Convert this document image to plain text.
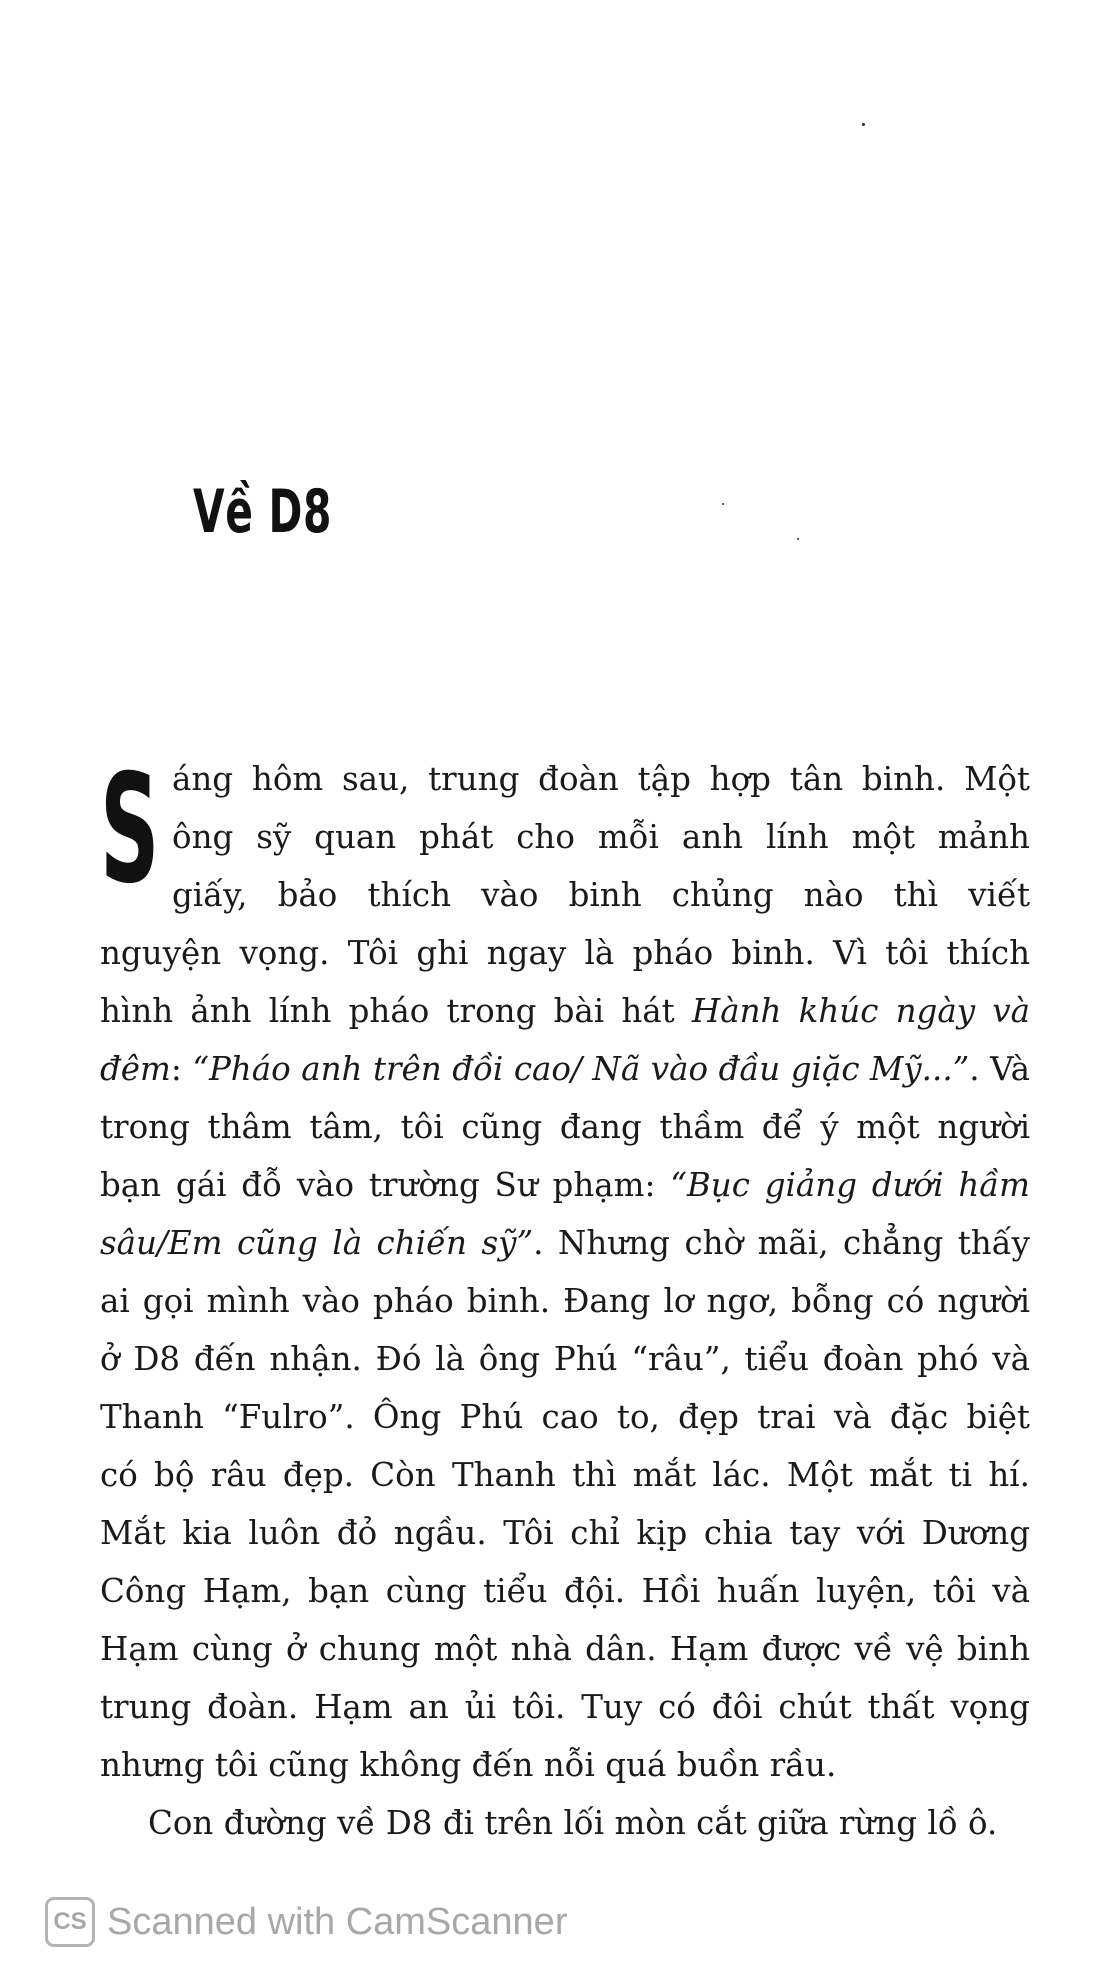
Về D8
S áng hôm sau, trung đoàn tập hợp tân binh. Một
ông sỹ quan phát cho mỗi anh lính một mảnh
giấy, bảo thích vào binh chủng nào thì viết
nguyện vọng. Tôi ghi ngay là pháo binh. Vì tôi thích
hình ảnh lính pháo trong bài hát Hành khúc ngày và
đêm: “Pháo anh trên đồi cao/ Nã vào đầu giặc Mỹ...”. Và
trong thâm tâm, tôi cũng đang thầm để ý một người
bạn gái đỗ vào trường Sư phạm: “Bục giảng dưới hầm
sâu/Em cũng là chiến sỹ”. Nhưng chờ mãi, chẳng thấy
ai gọi mình vào pháo binh. Đang lơ ngơ, bỗng có người
ở D8 đến nhận. Đó là ông Phú “râu”, tiểu đoàn phó và
Thanh “Fulro”. Ông Phú cao to, đẹp trai và đặc biệt
có bộ râu đẹp. Còn Thanh thì mắt lác. Một mắt ti hí.
Mắt kia luôn đỏ ngầu. Tôi chỉ kịp chia tay với Dương
Công Hạm, bạn cùng tiểu đội. Hồi huấn luyện, tôi và
Hạm cùng ở chung một nhà dân. Hạm được về vệ binh
trung đoàn. Hạm an ủi tôi. Tuy có đôi chút thất vọng
nhưng tôi cũng không đến nỗi quá buồn rầu.
Con đường về D8 đi trên lối mòn cắt giữa rừng lồ ô.
CS Scanned with CamScanner
